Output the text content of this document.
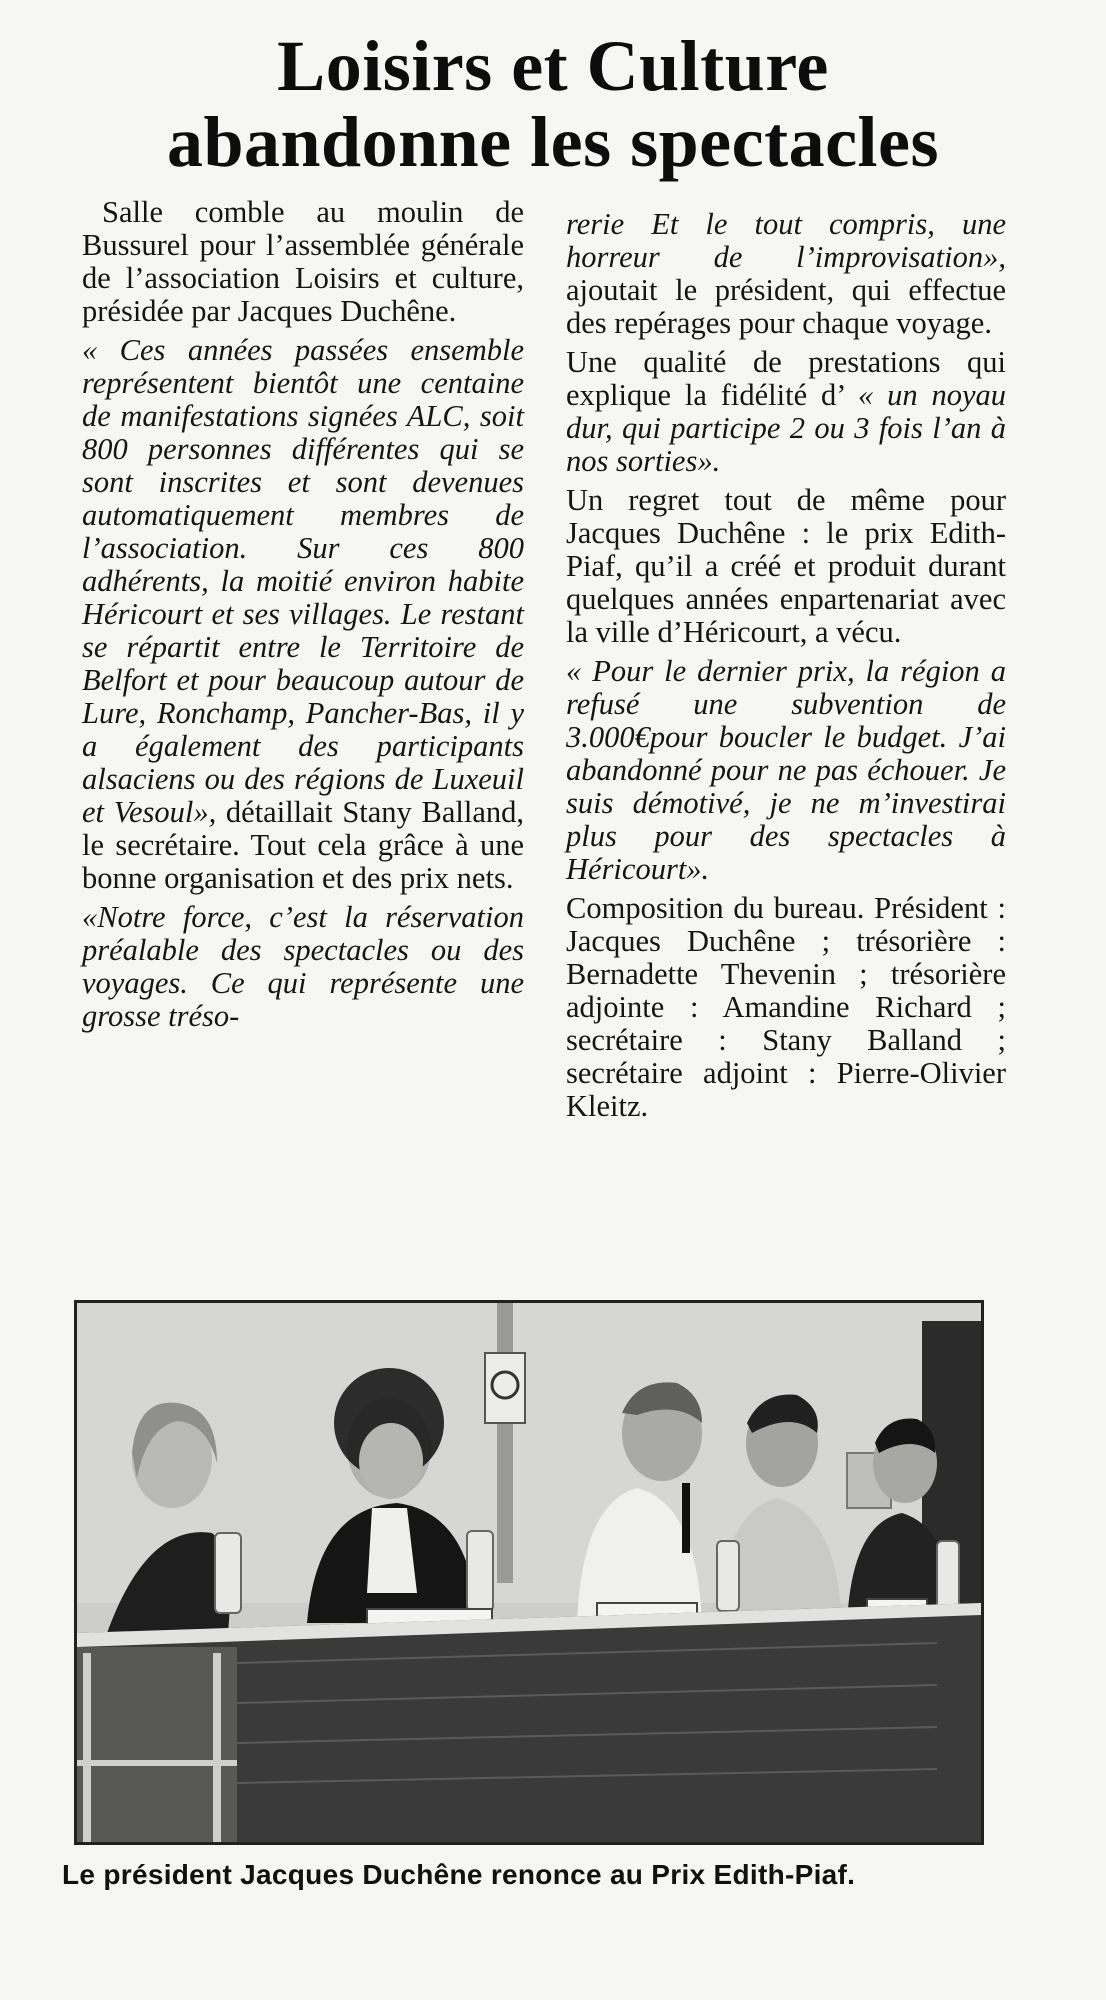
Loisirs et Culture
abandonne les spectacles

Salle comble au moulin de Bussurel pour l’assemblée générale de l’association Loisirs et culture, présidée par Jacques Duchêne.

« Ces années passées ensemble représentent bientôt une centaine de manifestations signées ALC, soit 800 personnes différentes qui se sont inscrites et sont devenues automatiquement membres de l’association. Sur ces 800 adhérents, la moitié environ habite Héricourt et ses villages. Le restant se répartit entre le Territoire de Belfort et pour beaucoup autour de Lure, Ronchamp, Pancher-Bas, il y a également des participants alsaciens ou des régions de Luxeuil et Vesoul», détaillait Stany Balland, le secrétaire. Tout cela grâce à une bonne organisation et des prix nets.

«Notre force, c’est la réservation préalable des spectacles ou des voyages. Ce qui représente une grosse tréso-

rerie Et le tout compris, une horreur de l’improvisation», ajoutait le président, qui effectue des repérages pour chaque voyage.

Une qualité de prestations qui explique la fidélité d’ « un noyau dur, qui participe 2 ou 3 fois l’an à nos sorties».

Un regret tout de même pour Jacques Duchêne : le prix Edith-Piaf, qu’il a créé et produit durant quelques années enpartenariat avec la ville d’Héricourt, a vécu.

« Pour le dernier prix, la région a refusé une subvention de 3.000€pour boucler le budget. J’ai abandonné pour ne pas échouer. Je suis démotivé, je ne m’investirai plus pour des spectacles à Héricourt».

Composition du bureau. Président : Jacques Duchêne ; trésorière : Bernadette Thevenin ; trésorière adjointe : Amandine Richard ; secrétaire : Stany Balland ; secrétaire adjoint : Pierre-Olivier Kleitz.

Le président Jacques Duchêne renonce au Prix Edith-Piaf.
